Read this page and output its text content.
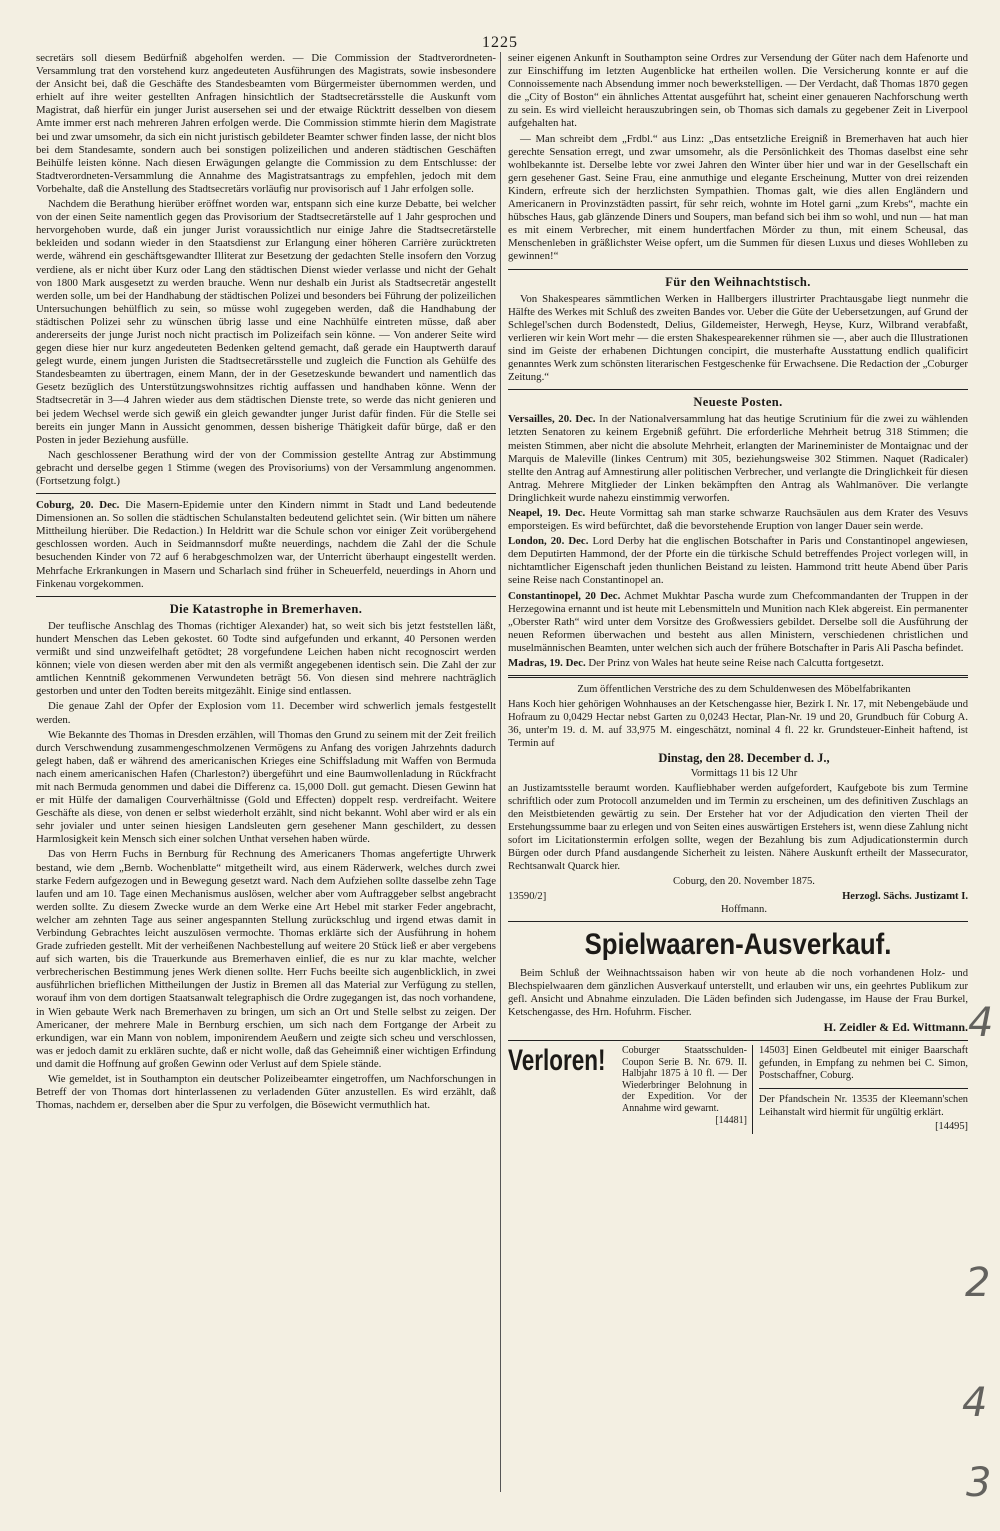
1225

secretärs soll diesem Bedürfniß abgeholfen werden. — Die Commission der Stadtverordneten-Versammlung trat den vorstehend kurz angedeuteten Ausführungen des Magistrats, sowie insbesondere der Ansicht bei, daß die Geschäfte des Standesbeamten vom Bürgermeister übernommen werden, und erhielt auf ihre weiter gestellten Anfragen hinsichtlich der Stadtsecretärsstelle die Auskunft vom Magistrat, daß hierfür ein junger Jurist ausersehen sei und der etwaige Rücktritt desselben von diesem Amte immer erst nach mehreren Jahren erfolgen werde. Die Commission stimmte hierin dem Magistrate bei und zwar umsomehr, da sich ein nicht juristisch gebildeter Beamter schwer finden lasse, der nicht blos bei dem Standesamte, sondern auch bei sonstigen polizeilichen und anderen städtischen Geschäften Beihülfe leisten könne. Nach diesen Erwägungen gelangte die Commission zu dem Entschlusse: der Stadtverordneten-Versammlung die Annahme des Magistratsantrags zu empfehlen, jedoch mit dem Vorbehalte, daß die Anstellung des Stadtsecretärs vorläufig nur provisorisch auf 1 Jahr erfolgen solle.

Nachdem die Berathung hierüber eröffnet worden war, entspann sich eine kurze Debatte, bei welcher von der einen Seite namentlich gegen das Provisorium der Stadtsecretärstelle auf 1 Jahr gesprochen und hervorgehoben wurde, daß ein junger Jurist voraussichtlich nur einige Jahre die Stadtsecretärstelle bekleiden und sodann wieder in den Staatsdienst zur Erlangung einer höheren Carrière zurücktreten werde, während ein geschäftsgewandter Illiterat zur Besetzung der gedachten Stelle insofern den Vorzug verdiene, als er nicht über Kurz oder Lang den städtischen Dienst wieder verlasse und nicht der Gehalt von 1800 Mark ausgesetzt zu werden brauche. Wenn nur deshalb ein Jurist als Stadtsecretär angestellt werden solle, um bei der Handhabung der städtischen Polizei und besonders bei Führung der polizeilichen Untersuchungen behülflich zu sein, so müsse wohl zugegeben werden, daß die Handhabung der städtischen Polizei sehr zu wünschen übrig lasse und eine Nachhülfe eintreten müsse, daß aber andererseits der junge Jurist noch nicht practisch im Polizeifach sein könne. — Von anderer Seite wird gegen diese hier nur kurz angedeuteten Bedenken geltend gemacht, daß gerade ein Hauptwerth darauf gelegt wurde, einem jungen Juristen die Stadtsecretärsstelle und zugleich die Function als Gehülfe des Standesbeamten zu übertragen, einem Mann, der in der Gesetzeskunde bewandert und namentlich das Gesetz bezüglich des Unterstützungswohnsitzes richtig auffassen und handhaben könne. Wenn der Stadtsecretär in 3—4 Jahren wieder aus dem städtischen Dienste trete, so werde das nicht genieren und bei jedem Wechsel werde sich gewiß ein gleich gewandter junger Jurist dafür finden. Für die Stelle sei bereits ein junger Mann in Aussicht genommen, dessen bisherige Thätigkeit dafür bürge, daß er den Posten in jeder Beziehung ausfülle.

Nach geschlossener Berathung wird der von der Commission gestellte Antrag zur Abstimmung gebracht und derselbe gegen 1 Stimme (wegen des Provisoriums) von der Versammlung angenommen. (Fortsetzung folgt.)

Coburg, 20. Dec. Die Masern-Epidemie unter den Kindern nimmt in Stadt und Land bedeutende Dimensionen an. So sollen die städtischen Schulanstalten bedeutend gelichtet sein. (Wir bitten um nähere Mittheilung hierüber. Die Redaction.) In Heldritt war die Schule schon vor einiger Zeit vorübergehend geschlossen worden. Auch in Seidmannsdorf mußte neuerdings, nachdem die Zahl der die Schule besuchenden Kinder von 72 auf 6 herabgeschmolzen war, der Unterricht überhaupt eingestellt werden. Mehrfache Erkrankungen in Masern und Scharlach sind früher in Scheuerfeld, neuerdings in Ahorn und Finkenau vorgekommen.

Die Katastrophe in Bremerhaven.

Der teuflische Anschlag des Thomas (richtiger Alexander) hat, so weit sich bis jetzt feststellen läßt, hundert Menschen das Leben gekostet. 60 Todte sind aufgefunden und erkannt, 40 Personen werden vermißt und sind unzweifelhaft getödtet; 28 vorgefundene Leichen haben nicht recognoscirt werden können; viele von diesen werden aber mit den als vermißt angegebenen identisch sein. Die Zahl der zur amtlichen Kenntniß gekommenen Verwundeten beträgt 56. Von diesen sind mehrere nachträglich gestorben und unter den Todten bereits mitgezählt. Einige sind entlassen.

Die genaue Zahl der Opfer der Explosion vom 11. December wird schwerlich jemals festgestellt werden.

Wie Bekannte des Thomas in Dresden erzählen, will Thomas den Grund zu seinem mit der Zeit freilich durch Verschwendung zusammengeschmolzenen Vermögens zu Anfang des vorigen Jahrzehnts dadurch gelegt haben, daß er während des americanischen Krieges eine Schiffsladung mit Waffen von Bermuda nach einem americanischen Hafen (Charleston?) übergeführt und eine Baumwollenladung in Rückfracht mit nach Bermuda genommen und dabei die Differenz ca. 15,000 Doll. gut gemacht. Diesen Gewinn hat er mit Hülfe der damaligen Courverhältnisse (Gold und Effecten) doppelt resp. verdreifacht. Weitere Geschäfte als diese, von denen er selbst wiederholt erzählt, sind nicht bekannt. Wohl aber wird er als ein sehr jovialer und unter seinen hiesigen Landsleuten gern gesehener Mann geschildert, zu dessen Harmlosigkeit kein Mensch sich einer solchen Unthat versehen haben würde.

Das von Herrn Fuchs in Bernburg für Rechnung des Americaners Thomas angefertigte Uhrwerk bestand, wie dem „Bernb. Wochenblatte“ mitgetheilt wird, aus einem Räderwerk, welches durch zwei starke Federn aufgezogen und in Bewegung gesetzt ward. Nach dem Aufziehen sollte dasselbe zehn Tage laufen und am 10. Tage einen Mechanismus auslösen, welcher aber vom Auftraggeber selbst angebracht werden sollte. Zu diesem Zwecke wurde an dem Werke eine Art Hebel mit starker Feder angebracht, welcher am zehnten Tage aus seiner angespannten Stellung zurückschlug und irgend etwas damit in Verbindung Gebrachtes leicht auszulösen vermochte. Thomas erklärte sich der Ausführung in hohem Grade zufrieden gestellt. Mit der verheißenen Nachbestellung auf weitere 20 Stück ließ er aber vergebens auf sich warten, bis die Trauerkunde aus Bremerhaven einlief, die es nur zu klar machte, welcher verbrecherischen Bestimmung jenes Werk dienen sollte. Herr Fuchs beeilte sich augenblicklich, in zwei ausführlichen brieflichen Mittheilungen der Justiz in Bremen all das Material zur Verfügung zu stellen, worauf ihm von dem dortigen Staatsanwalt telegraphisch die Ordre zugegangen ist, das noch vorhandene, in Wien gebaute Werk nach Bremerhaven zu bringen, um sich an Ort und Stelle selbst zu zeigen. Der Americaner, der mehrere Male in Bernburg erschien, um sich nach dem Fortgange der Arbeit zu erkundigen, war ein Mann von noblem, imponirendem Aeußern und zeigte sich scheu und verschlossen, was er jedoch damit zu erklären suchte, daß er nicht wolle, daß das Geheimniß einer wichtigen Erfindung und damit die Hoffnung auf großen Gewinn oder Verlust auf dem Spiele stände.

Wie gemeldet, ist in Southampton ein deutscher Polizeibeamter eingetroffen, um Nachforschungen in Betreff der von Thomas dort hinterlassenen zu verladenden Güter anzustellen. Es wird erzählt, daß Thomas, nachdem er, derselben aber die Spur zu verfolgen, die Bösewicht vermuthlich hat.

seiner eigenen Ankunft in Southampton seine Ordres zur Versendung der Güter nach dem Hafenorte und zur Einschiffung im letzten Augenblicke hat ertheilen wollen. Die Versicherung konnte er auf die Connoissemente nach Absendung immer noch bewerkstelligen. — Der Verdacht, daß Thomas 1870 gegen die „City of Boston“ ein ähnliches Attentat ausgeführt hat, scheint einer genaueren Nachforschung werth zu sein. Es wird vielleicht herauszubringen sein, ob Thomas sich damals zu gegebener Zeit in Liverpool aufgehalten hat.

— Man schreibt dem „Frdbl.“ aus Linz: „Das entsetzliche Ereigniß in Bremerhaven hat auch hier gerechte Sensation erregt, und zwar umsomehr, als die Persönlichkeit des Thomas daselbst eine sehr wohlbekannte ist. Derselbe lebte vor zwei Jahren den Winter über hier und war in der Gesellschaft ein gern gesehener Gast. Seine Frau, eine anmuthige und elegante Erscheinung, Mutter von drei reizenden Kindern, erfreute sich der herzlichsten Sympathien. Thomas galt, wie dies allen Engländern und Americanern in Provinzstädten passirt, für sehr reich, wohnte im Hotel garni „zum Krebs“, machte ein hübsches Haus, gab glänzende Diners und Soupers, man befand sich bei ihm so wohl, und nun — hat man es mit einem Verbrecher, mit einem hundertfachen Mörder zu thun, mit einem Scheusal, das Menschenleben in gräßlichster Weise opfert, um die Summen für diesen Luxus und dieses Wohlleben zu gewinnen!“

Für den Weihnachtstisch.

Von Shakespeares sämmtlichen Werken in Hallbergers illustrirter Prachtausgabe liegt nunmehr die Hälfte des Werkes mit Schluß des zweiten Bandes vor. Ueber die Güte der Uebersetzungen, auf Grund der Schlegel'schen durch Bodenstedt, Delius, Gildemeister, Herwegh, Heyse, Kurz, Wilbrand verabfaßt, verlieren wir kein Wort mehr — die ersten Shakespearekenner rühmen sie —, aber auch die Illustrationen sind im Geiste der erhabenen Dichtungen concipirt, die musterhafte Ausstattung endlich qualificirt genanntes Werk zum schönsten literarischen Festgeschenke für Erwachsene. Die Redaction der „Coburger Zeitung.“

Neueste Posten.

Versailles, 20. Dec. In der Nationalversammlung hat das heutige Scrutinium für die zwei zu wählenden letzten Senatoren zu keinem Ergebniß geführt. Die erforderliche Mehrheit betrug 318 Stimmen; die meisten Stimmen, aber nicht die absolute Mehrheit, erlangten der Marineminister de Montaignac und der Marquis de Maleville (linkes Centrum) mit 305, beziehungsweise 302 Stimmen. Naquet (Radicaler) stellte den Antrag auf Amnestirung aller politischen Verbrecher, und verlangte die Dringlichkeit für diesen Antrag. Mehrere Mitglieder der Linken bekämpften den Antrag als Wahlmanöver. Die verlangte Dringlichkeit wurde nahezu einstimmig verworfen.

Neapel, 19. Dec. Heute Vormittag sah man starke schwarze Rauchsäulen aus dem Krater des Vesuvs emporsteigen. Es wird befürchtet, daß die bevorstehende Eruption von langer Dauer sein werde.

London, 20. Dec. Lord Derby hat die englischen Botschafter in Paris und Constantinopel angewiesen, dem Deputirten Hammond, der der Pforte ein die türkische Schuld betreffendes Project vorlegen will, in nichtamtlicher Eigenschaft jeden thunlichen Beistand zu leisten. Hammond tritt heute Abend über Paris seine Reise nach Constantinopel an.

Constantinopel, 20 Dec. Achmet Mukhtar Pascha wurde zum Chefcommandanten der Truppen in der Herzegowina ernannt und ist heute mit Lebensmitteln und Munition nach Klek abgereist. Ein permanenter „Oberster Rath“ wird unter dem Vorsitze des Großwessiers gebildet. Derselbe soll die Ausführung der neuen Reformen überwachen und besteht aus allen Ministern, verschiedenen christlichen und muselmännischen Beamten, unter welchen sich auch der frühere Botschafter in Paris Ali Pascha befindet.

Madras, 19. Dec. Der Prinz von Wales hat heute seine Reise nach Calcutta fortgesetzt.

Zum öffentlichen Verstriche des zu dem Schuldenwesen des Möbelfabrikanten

Hans Koch hier gehörigen Wohnhauses an der Ketschengasse hier, Bezirk I. Nr. 17, mit Nebengebäude und Hofraum zu 0,0429 Hectar nebst Garten zu 0,0243 Hectar, Plan-Nr. 19 und 20, Grundbuch für Coburg A. 36, unter'm 19. d. M. auf 33,975 M. eingeschätzt, nominal 4 fl. 22 kr. Grundsteuer-Einheit haftend, ist Termin auf

Dinstag, den 28. December d. J.,

Vormittags 11 bis 12 Uhr

an Justizamtsstelle beraumt worden. Kaufliebhaber werden aufgefordert, Kaufgebote bis zum Termine schriftlich oder zum Protocoll anzumelden und im Termin zu erscheinen, um des definitiven Zuschlags an den Meistbietenden gewärtig zu sein. Der Ersteher hat vor der Adjudication den vierten Theil der Erstehungssumme baar zu erlegen und von Seiten eines auswärtigen Erstehers ist, wenn diese Zahlung nicht sofort im Licitationstermin erfolgen sollte, wegen der Bezahlung bis zum Adjudicationstermin durch Bürgen oder durch Pfand ausdangende Sicherheit zu leisten. Nähere Auskunft ertheilt der Massecurator, Rechtsanwalt Quarck hier.

Coburg, den 20. November 1875.

13590/2]	Herzogl. Sächs. Justizamt I.

Hoffmann.

Spielwaaren-Ausverkauf.

Beim Schluß der Weihnachtssaison haben wir von heute ab die noch vorhandenen Holz- und Blechspielwaaren dem gänzlichen Ausverkauf unterstellt, und erlauben wir uns, ein geehrtes Publikum zur gefl. Ansicht und Abnahme einzuladen. Die Läden befinden sich Judengasse, im Hause der Frau Burkel, Ketschengasse, des Hrn. Hofuhrm. Fischer.

H. Zeidler & Ed. Wittmann.
Verloren! Coburger Staatsschulden-Coupon Serie B. Nr. 679. II. Halbjahr 1875 à 10 fl. — Der Wiederbringer Belohnung in der Expedition. Vor der Annahme wird gewarnt.
[14481]

14503] Einen Geldbeutel mit einiger Baarschaft gefunden, in Empfang zu nehmen bei C. Simon, Postschaffner, Coburg.

Der Pfandschein Nr. 13535 der Kleemann'schen Leihanstalt wird hiermit für ungültig erklärt.

[14495]
4
2
4
3
